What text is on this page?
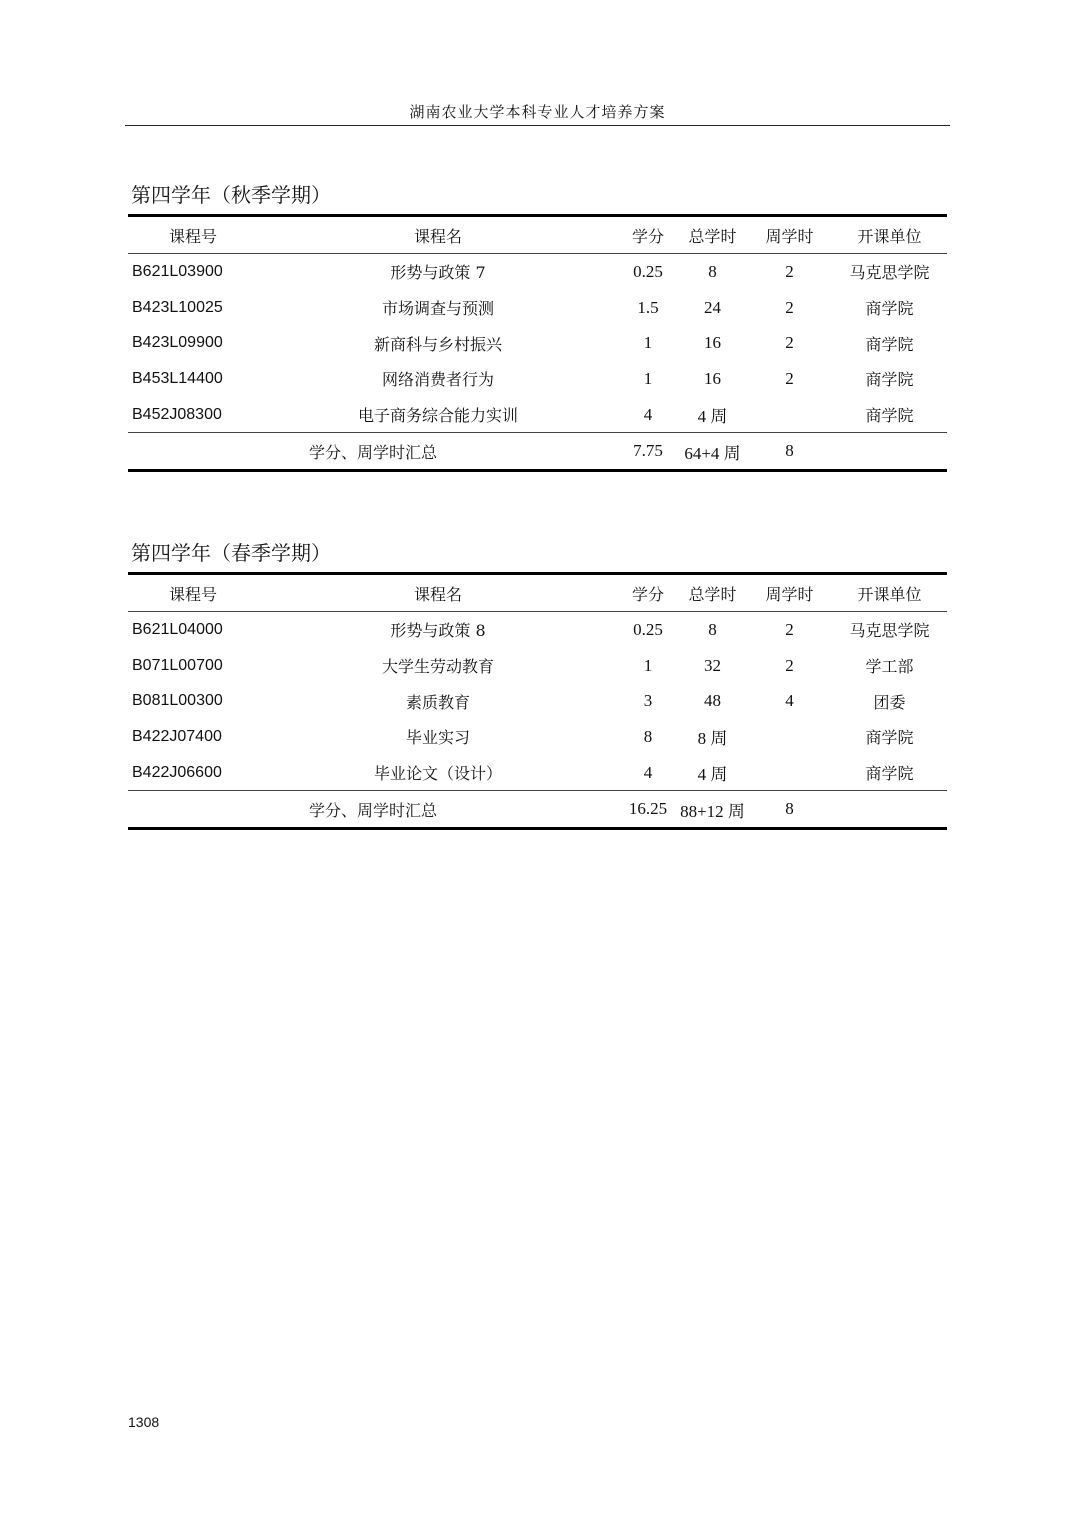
湖南农业大学本科专业人才培养方案
第四学年（秋季学期）
课程号	课程名	学分	总学时	周学时	开课单位
B621L03900	形势与政策 7	0.25	8	2	马克思学院
B423L10025	市场调查与预测	1.5	24	2	商学院
B423L09900	新商科与乡村振兴	1	16	2	商学院
B453L14400	网络消费者行为	1	16	2	商学院
B452J08300	电子商务综合能力实训	4	4 周		商学院
学分、周学时汇总		7.75	64+4 周	8	
第四学年（春季学期）
课程号	课程名	学分	总学时	周学时	开课单位
B621L04000	形势与政策 8	0.25	8	2	马克思学院
B071L00700	大学生劳动教育	1	32	2	学工部
B081L00300	素质教育	3	48	4	团委
B422J07400	毕业实习	8	8 周		商学院
B422J06600	毕业论文（设计）	4	4 周		商学院
学分、周学时汇总		16.25	88+12 周	8	
1308
